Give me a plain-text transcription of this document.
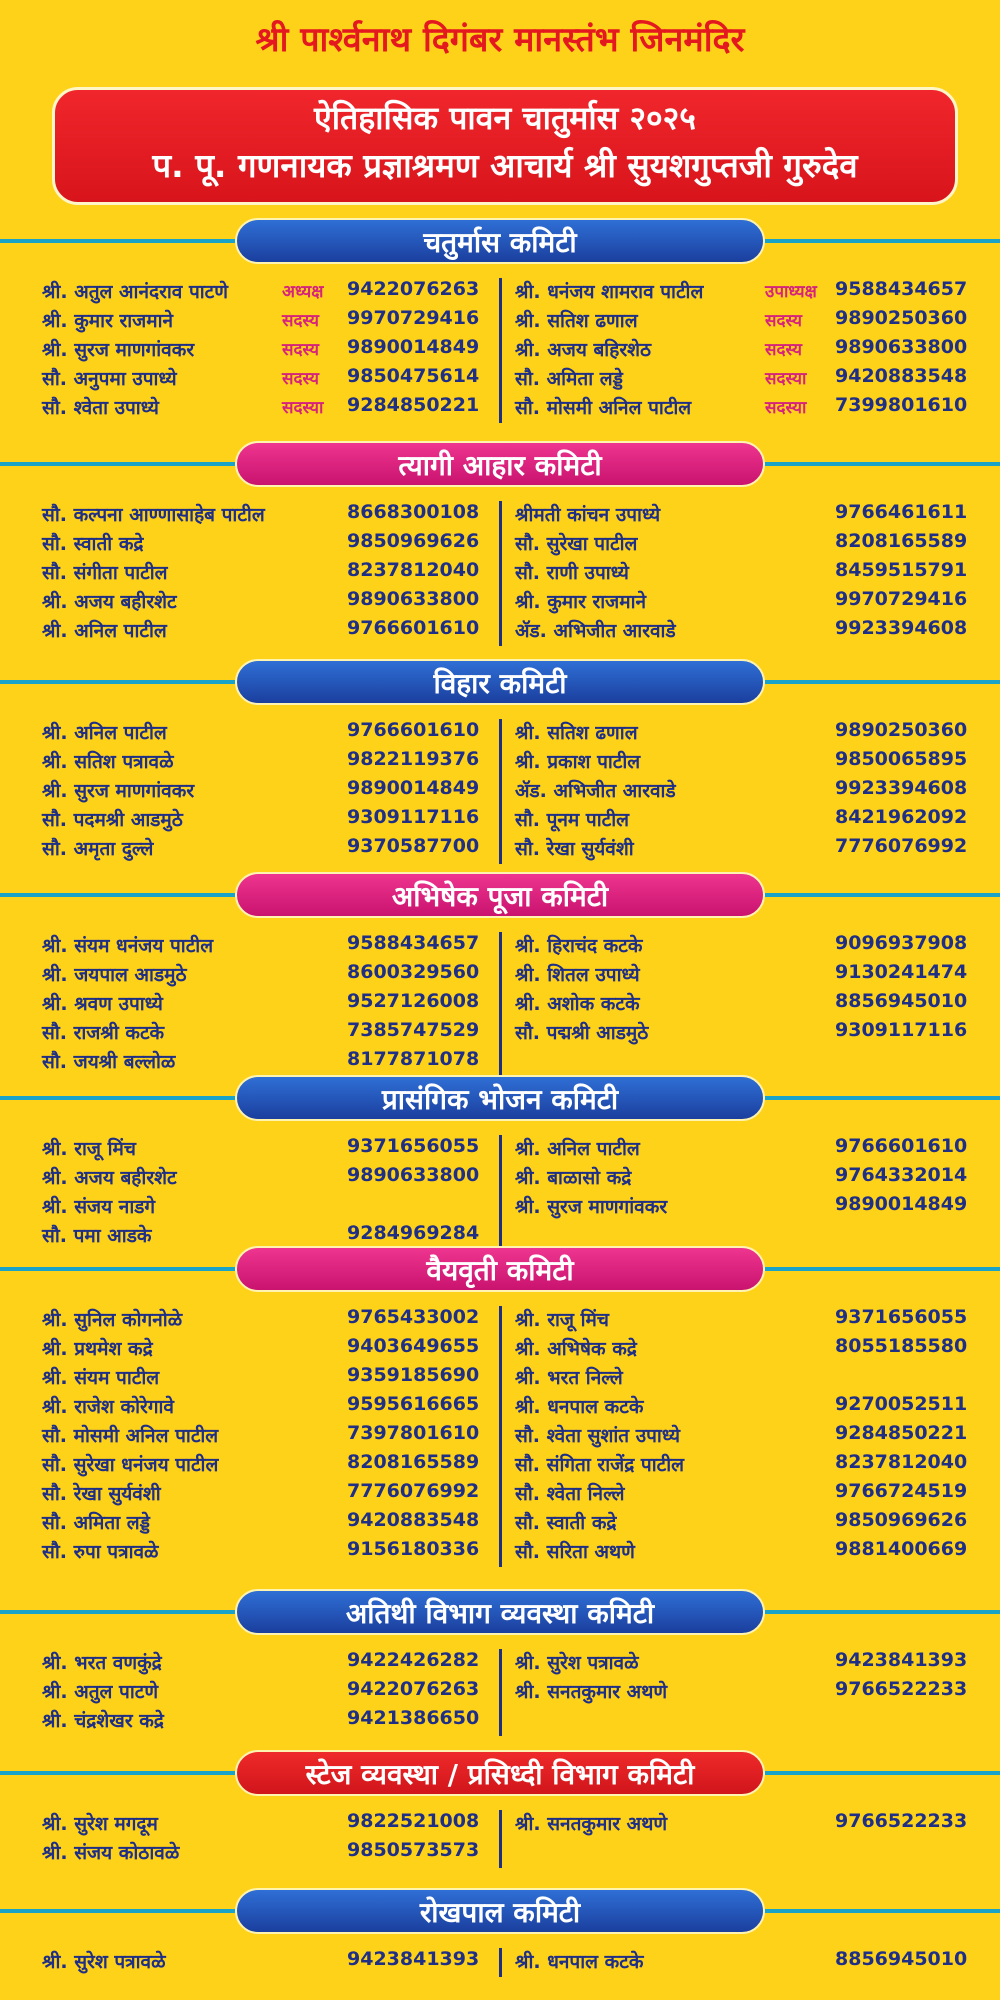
श्री पार्श्वनाथ दिगंबर मानस्तंभ जिनमंदिर
ऐतिहासिक पावन चातुर्मास २०२५
प. पू. गणनायक प्रज्ञाश्रमण आचार्य श्री सुयशगुप्तजी गुरुदेव
चतुर्मास कमिटी
श्री. अतुल आनंदराव पाटणे	अध्यक्ष 9422076263
श्री. कुमार राजमाने	सदस्य 9970729416
श्री. सुरज माणगांवकर	सदस्य 9890014849
सौ. अनुपमा उपाध्ये	सदस्य 9850475614
सौ. श्वेता उपाध्ये	सदस्या 9284850221
श्री. धनंजय शामराव पाटील	उपाध्यक्ष 9588434657
श्री. सतिश ढणाल	सदस्य 9890250360
श्री. अजय बहिरशेठ	सदस्य 9890633800
सौ. अमिता लड्डे	सदस्या 9420883548
सौ. मोसमी अनिल पाटील	सदस्या 7399801610
त्यागी आहार कमिटी
सौ. कल्पना आण्णासाहेब पाटील	8668300108
सौ. स्वाती कद्रे	9850969626
सौ. संगीता पाटील	8237812040
श्री. अजय बहीरशेट	9890633800
श्री. अनिल पाटील	9766601610
श्रीमती कांचन उपाध्ये	9766461611
सौ. सुरेखा पाटील	8208165589
सौ. राणी उपाध्ये	8459515791
श्री. कुमार राजमाने	9970729416
ॲड. अभिजीत आरवाडे	9923394608
विहार कमिटी
श्री. अनिल पाटील	9766601610
श्री. सतिश पत्रावळे	9822119376
श्री. सुरज माणगांवकर	9890014849
सौ. पदमश्री आडमुठे	9309117116
सौ. अमृता दुल्ले	9370587700
श्री. सतिश ढणाल	9890250360
श्री. प्रकाश पाटील	9850065895
ॲड. अभिजीत आरवाडे	9923394608
सौ. पूनम पाटील	8421962092
सौ. रेखा सुर्यवंशी	7776076992
अभिषेक पूजा कमिटी
श्री. संयम धनंजय पाटील	9588434657
श्री. जयपाल आडमुठे	8600329560
श्री. श्रवण उपाध्ये	9527126008
सौ. राजश्री कटके	7385747529
सौ. जयश्री बल्लोळ	8177871078
श्री. हिराचंद कटके	9096937908
श्री. शितल उपाध्ये	9130241474
श्री. अशोक कटके	8856945010
सौ. पद्मश्री आडमुठे	9309117116
प्रासंगिक भोजन कमिटी
श्री. राजू मिंच	9371656055
श्री. अजय बहीरशेट	9890633800
श्री. संजय नाडगे
सौ. पमा आडके	9284969284
श्री. अनिल पाटील	9766601610
श्री. बाळासो कद्रे	9764332014
श्री. सुरज माणगांवकर	9890014849
वैयवृती कमिटी
श्री. सुनिल कोगनोळे	9765433002
श्री. प्रथमेश कद्रे	9403649655
श्री. संयम पाटील	9359185690
श्री. राजेश कोरेगावे	9595616665
सौ. मोसमी अनिल पाटील	7397801610
सौ. सुरेखा धनंजय पाटील	8208165589
सौ. रेखा सुर्यवंशी	7776076992
सौ. अमिता लड्डे	9420883548
सौ. रुपा पत्रावळे	9156180336
श्री. राजू मिंच	9371656055
श्री. अभिषेक कद्रे	8055185580
श्री. भरत निल्ले
श्री. धनपाल कटके	9270052511
सौ. श्वेता सुशांत उपाध्ये	9284850221
सौ. संगिता राजेंद्र पाटील	8237812040
सौ. श्वेता निल्ले	9766724519
सौ. स्वाती कद्रे	9850969626
सौ. सरिता अथणे	9881400669
अतिथी विभाग व्यवस्था कमिटी
श्री. भरत वणकुंद्रे	9422426282
श्री. अतुल पाटणे	9422076263
श्री. चंद्रशेखर कद्रे	9421386650
श्री. सुरेश पत्रावळे	9423841393
श्री. सनतकुमार अथणे	9766522233
स्टेज व्यवस्था / प्रसिध्दी विभाग कमिटी
श्री. सुरेश मगदूम	9822521008
श्री. संजय कोठावळे	9850573573
श्री. सनतकुमार अथणे	9766522233
रोखपाल कमिटी
श्री. सुरेश पत्रावळे	9423841393 श्री. धनपाल कटके	8856945010
